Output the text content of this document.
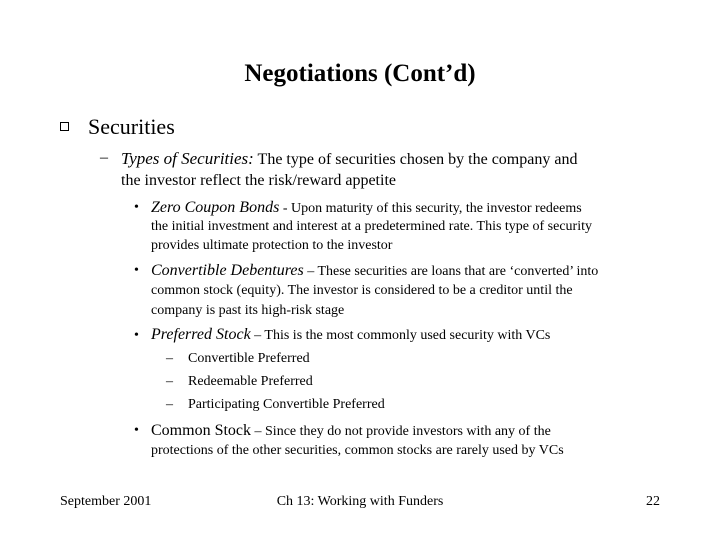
Negotiations (Cont’d)
Securities
– Types of Securities: The type of securities chosen by the company and
the investor reflect the risk/reward appetite
• Zero Coupon Bonds - Upon maturity of this security, the investor redeems
the initial investment and interest at a predetermined rate. This type of security
provides ultimate protection to the investor
• Convertible Debentures – These securities are loans that are ‘converted’ into
common stock (equity). The investor is considered to be a creditor until the
company is past its high-risk stage
• Preferred Stock – This is the most commonly used security with VCs
– Convertible Preferred
– Redeemable Preferred
– Participating Convertible Preferred
• Common Stock – Since they do not provide investors with any of the
protections of the other securities, common stocks are rarely used by VCs
September 2001	Ch 13: Working with Funders	22
